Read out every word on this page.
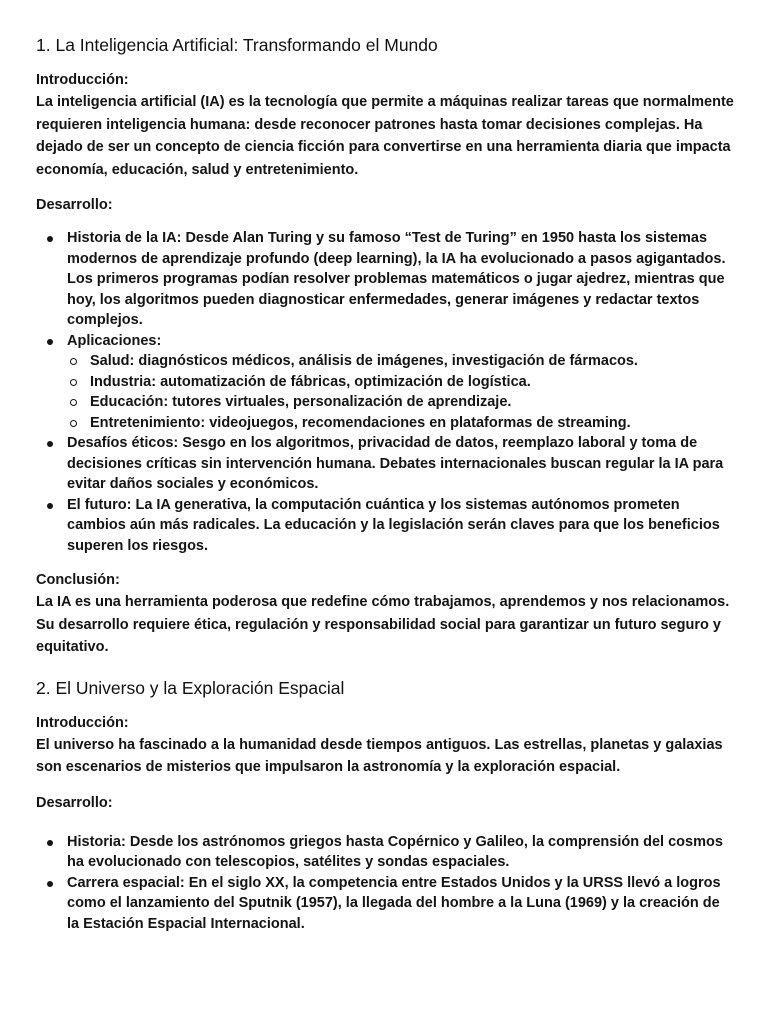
1. La Inteligencia Artificial: Transformando el Mundo
Introducción:

La inteligencia artificial (IA) es la tecnología que permite a máquinas realizar tareas que normalmente requieren inteligencia humana: desde reconocer patrones hasta tomar decisiones complejas. Ha dejado de ser un concepto de ciencia ficción para convertirse en una herramienta diaria que impacta economía, educación, salud y entretenimiento.

Desarrollo:
Historia de la IA: Desde Alan Turing y su famoso “Test de Turing” en 1950 hasta los sistemas modernos de aprendizaje profundo (deep learning), la IA ha evolucionado a pasos agigantados. Los primeros programas podían resolver problemas matemáticos o jugar ajedrez, mientras que hoy, los algoritmos pueden diagnosticar enfermedades, generar imágenes y redactar textos complejos.
Aplicaciones:
Salud: diagnósticos médicos, análisis de imágenes, investigación de fármacos.
Industria: automatización de fábricas, optimización de logística.
Educación: tutores virtuales, personalización de aprendizaje.
Entretenimiento: videojuegos, recomendaciones en plataformas de streaming.
Desafíos éticos: Sesgo en los algoritmos, privacidad de datos, reemplazo laboral y toma de decisiones críticas sin intervención humana. Debates internacionales buscan regular la IA para evitar daños sociales y económicos.
El futuro: La IA generativa, la computación cuántica y los sistemas autónomos prometen cambios aún más radicales. La educación y la legislación serán claves para que los beneficios superen los riesgos.
Conclusión:

La IA es una herramienta poderosa que redefine cómo trabajamos, aprendemos y nos relacionamos. Su desarrollo requiere ética, regulación y responsabilidad social para garantizar un futuro seguro y equitativo.

2. El Universo y la Exploración Espacial
Introducción:

El universo ha fascinado a la humanidad desde tiempos antiguos. Las estrellas, planetas y galaxias son escenarios de misterios que impulsaron la astronomía y la exploración espacial.

Desarrollo:
Historia: Desde los astrónomos griegos hasta Copérnico y Galileo, la comprensión del cosmos ha evolucionado con telescopios, satélites y sondas espaciales.
Carrera espacial: En el siglo XX, la competencia entre Estados Unidos y la URSS llevó a logros como el lanzamiento del Sputnik (1957), la llegada del hombre a la Luna (1969) y la creación de la Estación Espacial Internacional.
